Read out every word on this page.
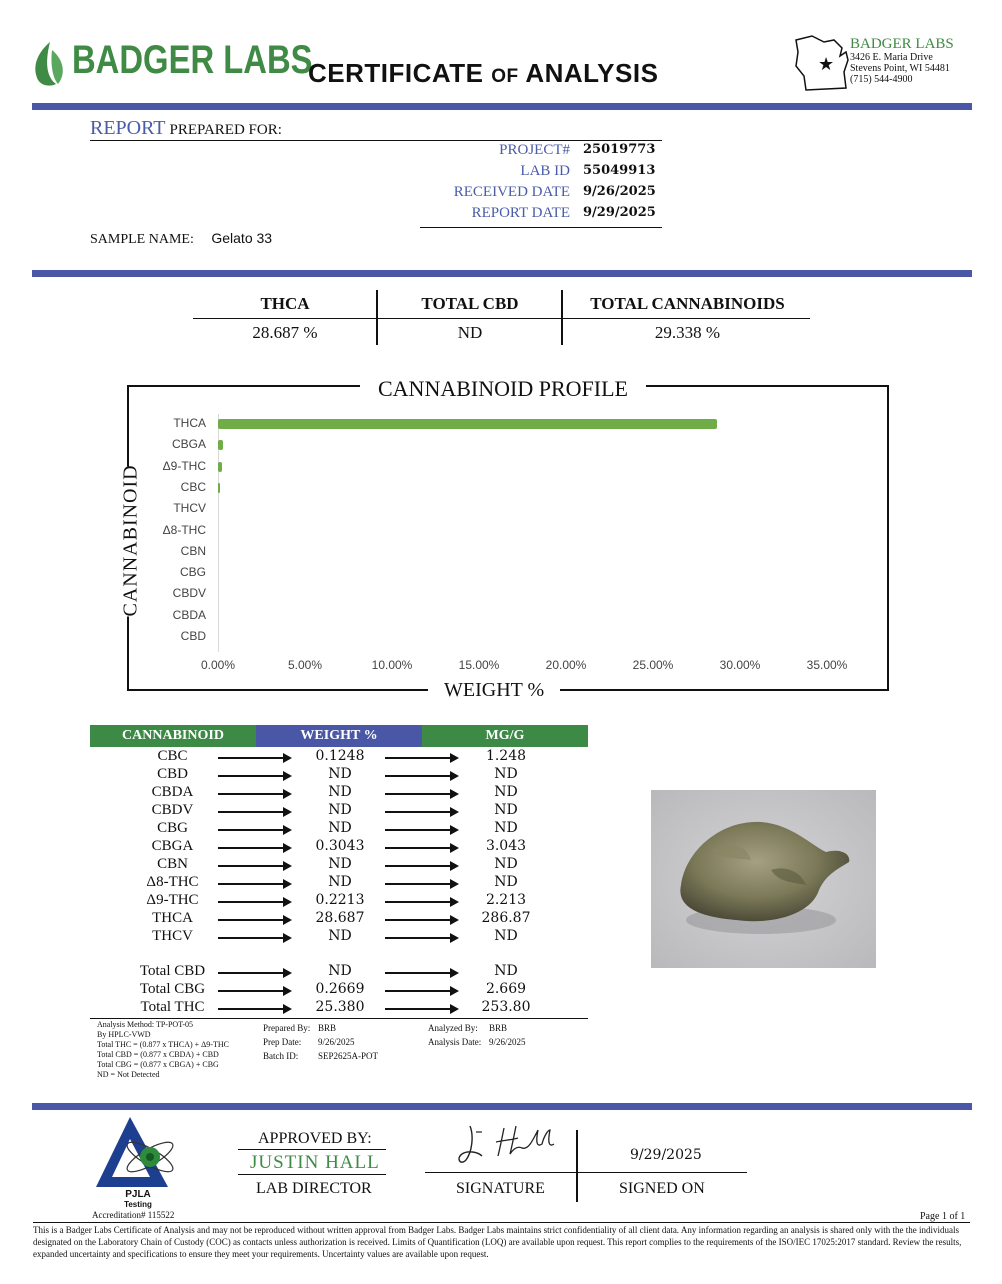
BADGER LABS
CERTIFICATE OF ANALYSIS	★
BADGER LABS
3426 E. Maria Drive
Stevens Point, WI 54481
(715) 544-4900
REPORT PREPARED FOR:
PROJECT# 25019773
LAB ID 55049913
RECEIVED DATE 9/26/2025
REPORT DATE 9/29/2025
SAMPLE NAME: Gelato 33
THCA	TOTAL CBD	TOTAL CANNABINOIDS
28.687 %	ND	29.338 %
CANNABINOID PROFILE
WEIGHT %
CANNABINOID
THCA
CBGA
Δ9-THC
CBC
THCV
Δ8-THC
CBN
CBG
CBDV
CBDA
CBD
0.00%	5.00%	10.00%	15.00%	20.00%	25.00%	30.00%	35.00%
CANNABINOID	WEIGHT %	MG/G
CBC	0.1248	1.248
CBD	ND	ND
CBDA	ND	ND
CBDV	ND	ND
CBG	ND	ND
CBGA	0.3043	3.043
CBN	ND	ND
Δ8-THC	ND	ND
Δ9-THC	0.2213	2.213
THCA	28.687	286.87
THCV	ND	ND
Total CBD	ND	ND
Total CBG	0.2669	2.669
Total THC	25.380	253.80
Analysis Method: TP-POT-05
By HPLC-VWD
Total THC = (0.877 x THCA) + Δ9-THC
Total CBD = (0.877 x CBDA) + CBD
Total CBG = (0.877 x CBGA) + CBG
ND = Not Detected
Prepared By: BRB
Prep Date: 9/26/2025
Batch ID: SEP2625A-POT
Analyzed By: BRB
Analysis Date: 9/26/2025
PJLA
Testing
Accreditation# 115522
APPROVED BY:
JUSTIN HALL
LAB DIRECTOR	SIGNATURE
9/29/2025
SIGNED ON
Page 1 of 1
This is a Badger Labs Certificate of Analysis and may not be reproduced without written approval from Badger Labs. Badger Labs maintains strict confidentiality of all client data. Any information regarding an analysis is shared only with the the individuals designated on the Laboratory Chain of Custody (COC) as contacts unless authorization is received. Limits of Quantification (LOQ) are available upon request. This report complies to the requirements of the ISO/IEC 17025:2017 standard. Review the results, expanded uncertainty and specifications to ensure they meet your requirements. Uncertainty values are available upon request.
